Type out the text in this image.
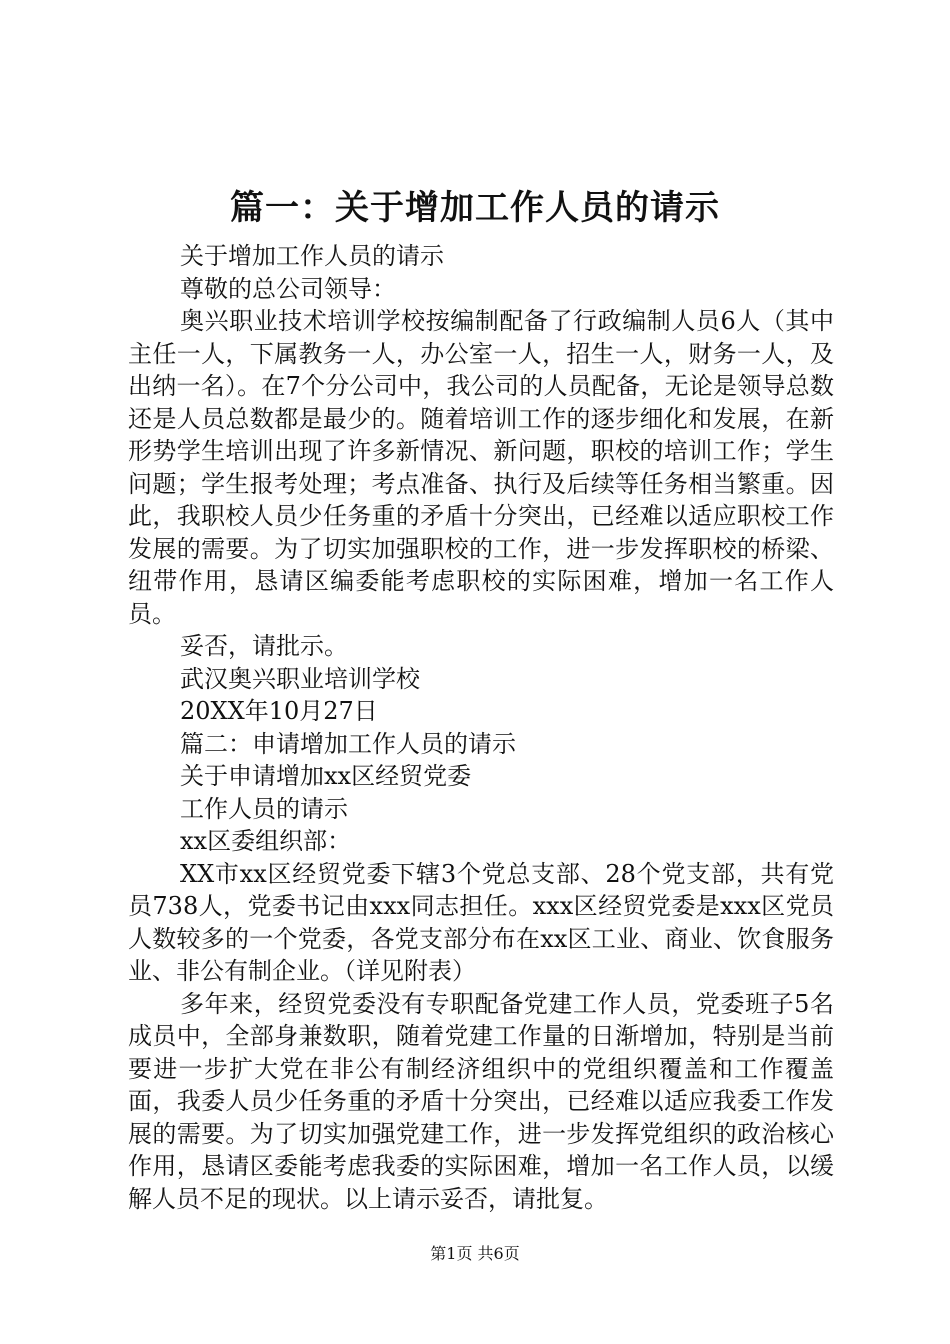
篇一：关于增加工作人员的请示

关于增加工作人员的请示

尊敬的总公司领导：

奥兴职业技术培训学校按编制配备了行政编制人员6人（其中主任一人，下属教务一人，办公室一人，招生一人，财务一人，及出纳一名）。在7个分公司中，我公司的人员配备，无论是领导总数还是人员总数都是最少的。随着培训工作的逐步细化和发展，在新形势学生培训出现了许多新情况、新问题，职校的培训工作；学生问题；学生报考处理；考点准备、执行及后续等任务相当繁重。因此，我职校人员少任务重的矛盾十分突出，已经难以适应职校工作发展的需要。为了切实加强职校的工作，进一步发挥职校的桥梁、纽带作用，恳请区编委能考虑职校的实际困难，增加一名工作人员。

妥否，请批示。

武汉奥兴职业培训学校

20XX年10月27日

篇二：申请增加工作人员的请示

关于申请增加xx区经贸党委

工作人员的请示

xx区委组织部：

XX市xx区经贸党委下辖3个党总支部、28个党支部，共有党员738人，党委书记由xxx同志担任。xxx区经贸党委是xxx区党员人数较多的一个党委，各党支部分布在xx区工业、商业、饮食服务业、非公有制企业。（详见附表）

多年来，经贸党委没有专职配备党建工作人员，党委班子5名成员中，全部身兼数职，随着党建工作量的日渐增加，特别是当前要进一步扩大党在非公有制经济组织中的党组织覆盖和工作覆盖面，我委人员少任务重的矛盾十分突出，已经难以适应我委工作发展的需要。为了切实加强党建工作，进一步发挥党组织的政治核心作用，恳请区委能考虑我委的实际困难，增加一名工作人员，以缓解人员不足的现状。以上请示妥否，请批复。

第1页 共6页
